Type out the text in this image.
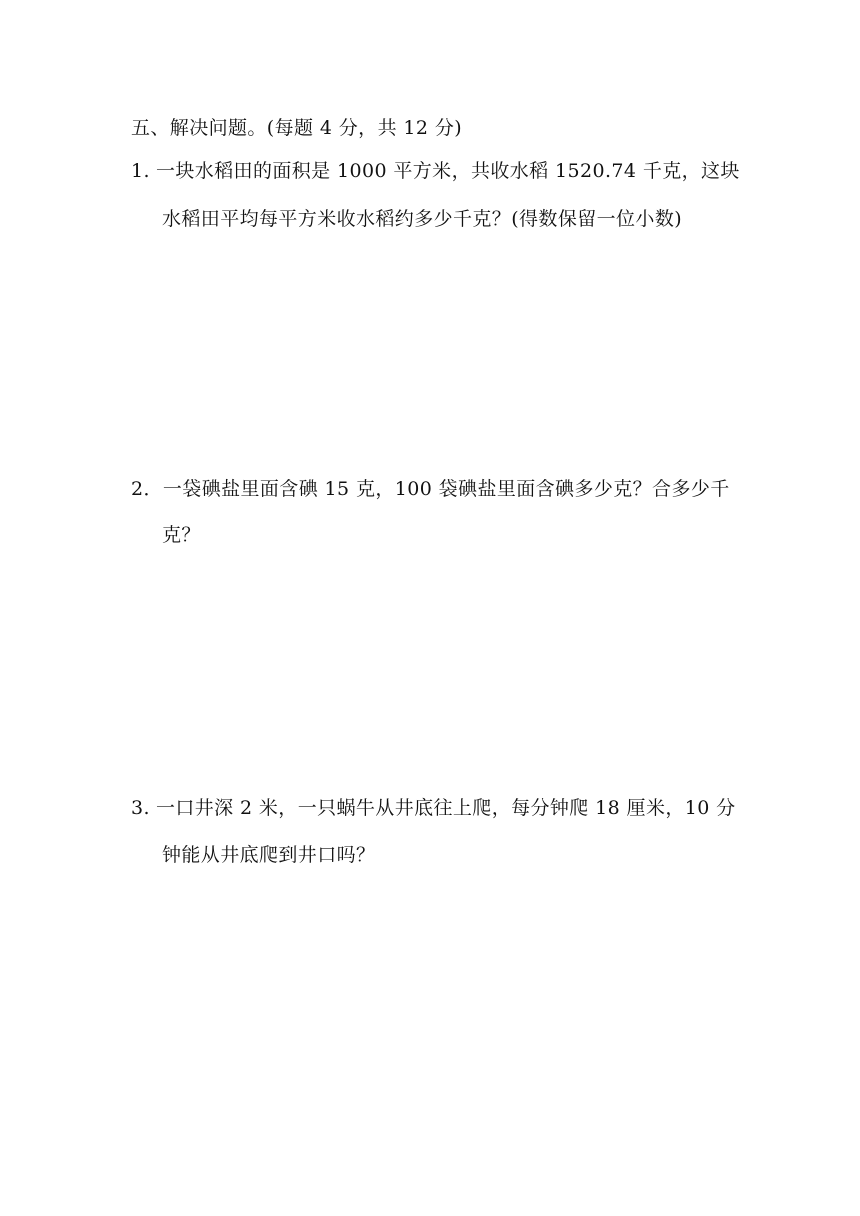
五、解决问题。(每题 4 分，共 12 分)
1. 一块水稻田的面积是 1000 平方米，共收水稻 1520.74 千克，这块
水稻田平均每平方米收水稻约多少千克？(得数保留一位小数)
2．一袋碘盐里面含碘 15 克，100 袋碘盐里面含碘多少克？合多少千
克？
3. 一口井深 2 米，一只蜗牛从井底往上爬，每分钟爬 18 厘米，10 分
钟能从井底爬到井口吗？
